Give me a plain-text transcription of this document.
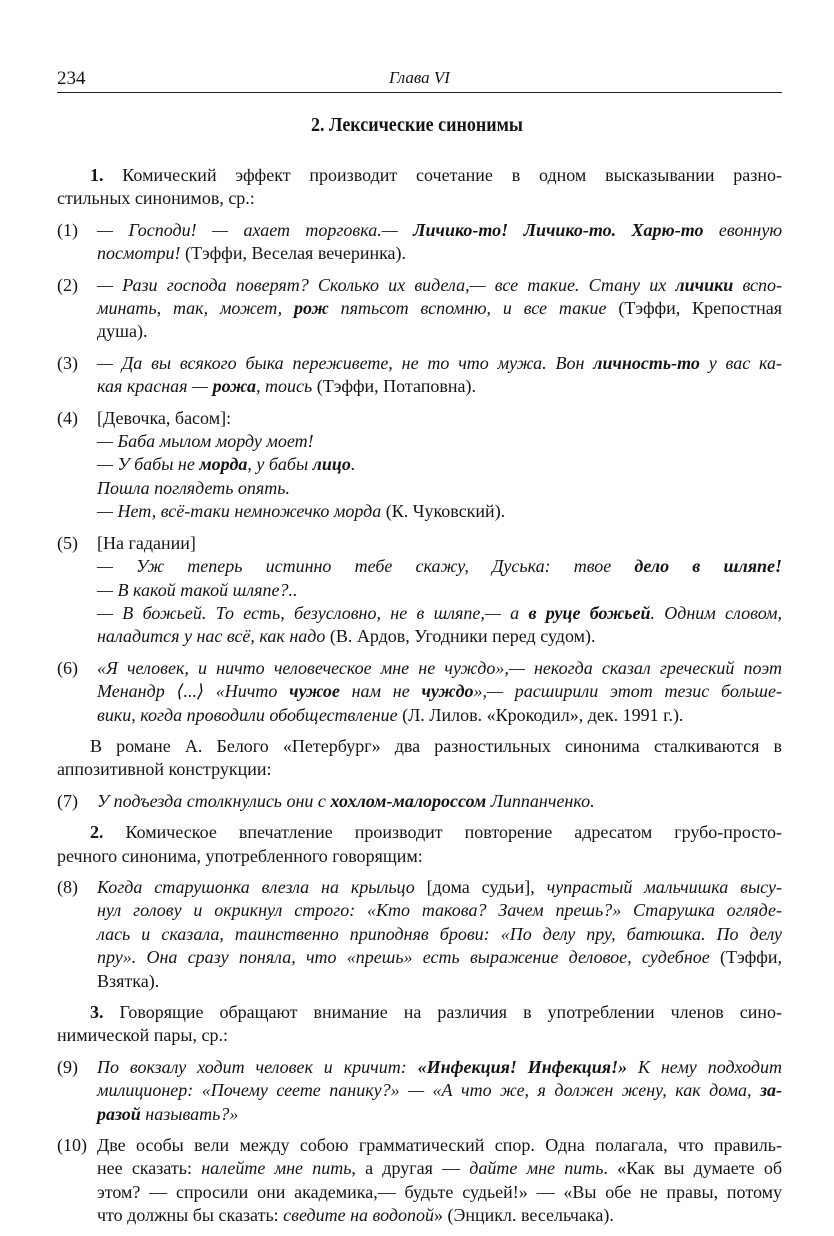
234	Глава VI
2. Лексические синонимы
1. Комический эффект производит сочетание в одном высказывании разно-
стильных синонимов, ср.:
(1) — Господи! — ахает торговка.— Личико-то! Личико-то. Харю-то евонную
посмотри! (Тэффи, Веселая вечеринка).
(2) — Рази господа поверят? Сколько их видела,— все такие. Стану их личики вспо-
минать, так, может, рож пятьсот вспомню, и все такие (Тэффи, Крепостная
душа).
(3) — Да вы всякого быка переживете, не то что мужа. Вон личность-то у вас ка-
кая красная — рожа, тоись (Тэффи, Потаповна).
(4) [Девочка, басом]:
— Баба мылом морду моет!
— У бабы не морда, у бабы лицо.
Пошла поглядеть опять.
— Нет, всё-таки немножечко морда (К. Чуковский).
(5) [На гадании]
— Уж теперь истинно тебе скажу, Дуська: твое дело в шляпе!
— В какой такой шляпе?..
— В божьей. То есть, безусловно, не в шляпе,— а в руце божьей. Одним словом,
наладится у нас всё, как надо (В. Ардов, Угодники перед судом).
(6) «Я человек, и ничто человеческое мне не чуждо»,— некогда сказал греческий поэт
Менандр ⟨...⟩ «Ничто чужое нам не чуждо»,— расширили этот тезис больше-
вики, когда проводили обобществление (Л. Лилов. «Крокодил», дек. 1991 г.).
В романе А. Белого «Петербург» два разностильных синонима сталкиваются в
аппозитивной конструкции:
(7) У подъезда столкнулись они с хохлом-малороссом Липпанченко.
2. Комическое впечатление производит повторение адресатом грубо-просто-
речного синонима, употребленного говорящим:
(8) Когда старушонка влезла на крыльцо [дома судьи], чупрастый мальчишка высу-
нул голову и окрикнул строго: «Кто такова? Зачем прешь?» Старушка огляде-
лась и сказала, таинственно приподняв брови: «По делу пру, батюшка. По делу
пру». Она сразу поняла, что «прешь» есть выражение деловое, судебное (Тэффи,
Взятка).
3. Говорящие обращают внимание на различия в употреблении членов сино-
нимической пары, ср.:
(9) По вокзалу ходит человек и кричит: «Инфекция! Инфекция!» К нему подходит
милиционер: «Почему сеете панику?» — «А что же, я должен жену, как дома, за-
разой называть?»
(10) Две особы вели между собою грамматический спор. Одна полагала, что правиль-
нее сказать: налейте мне пить, а другая — дайте мне пить. «Как вы думаете об
этом? — спросили они академика,— будьте судьей!» — «Вы обе не правы, потому
что должны бы сказать: сведите на водопой» (Энцикл. весельчака).
